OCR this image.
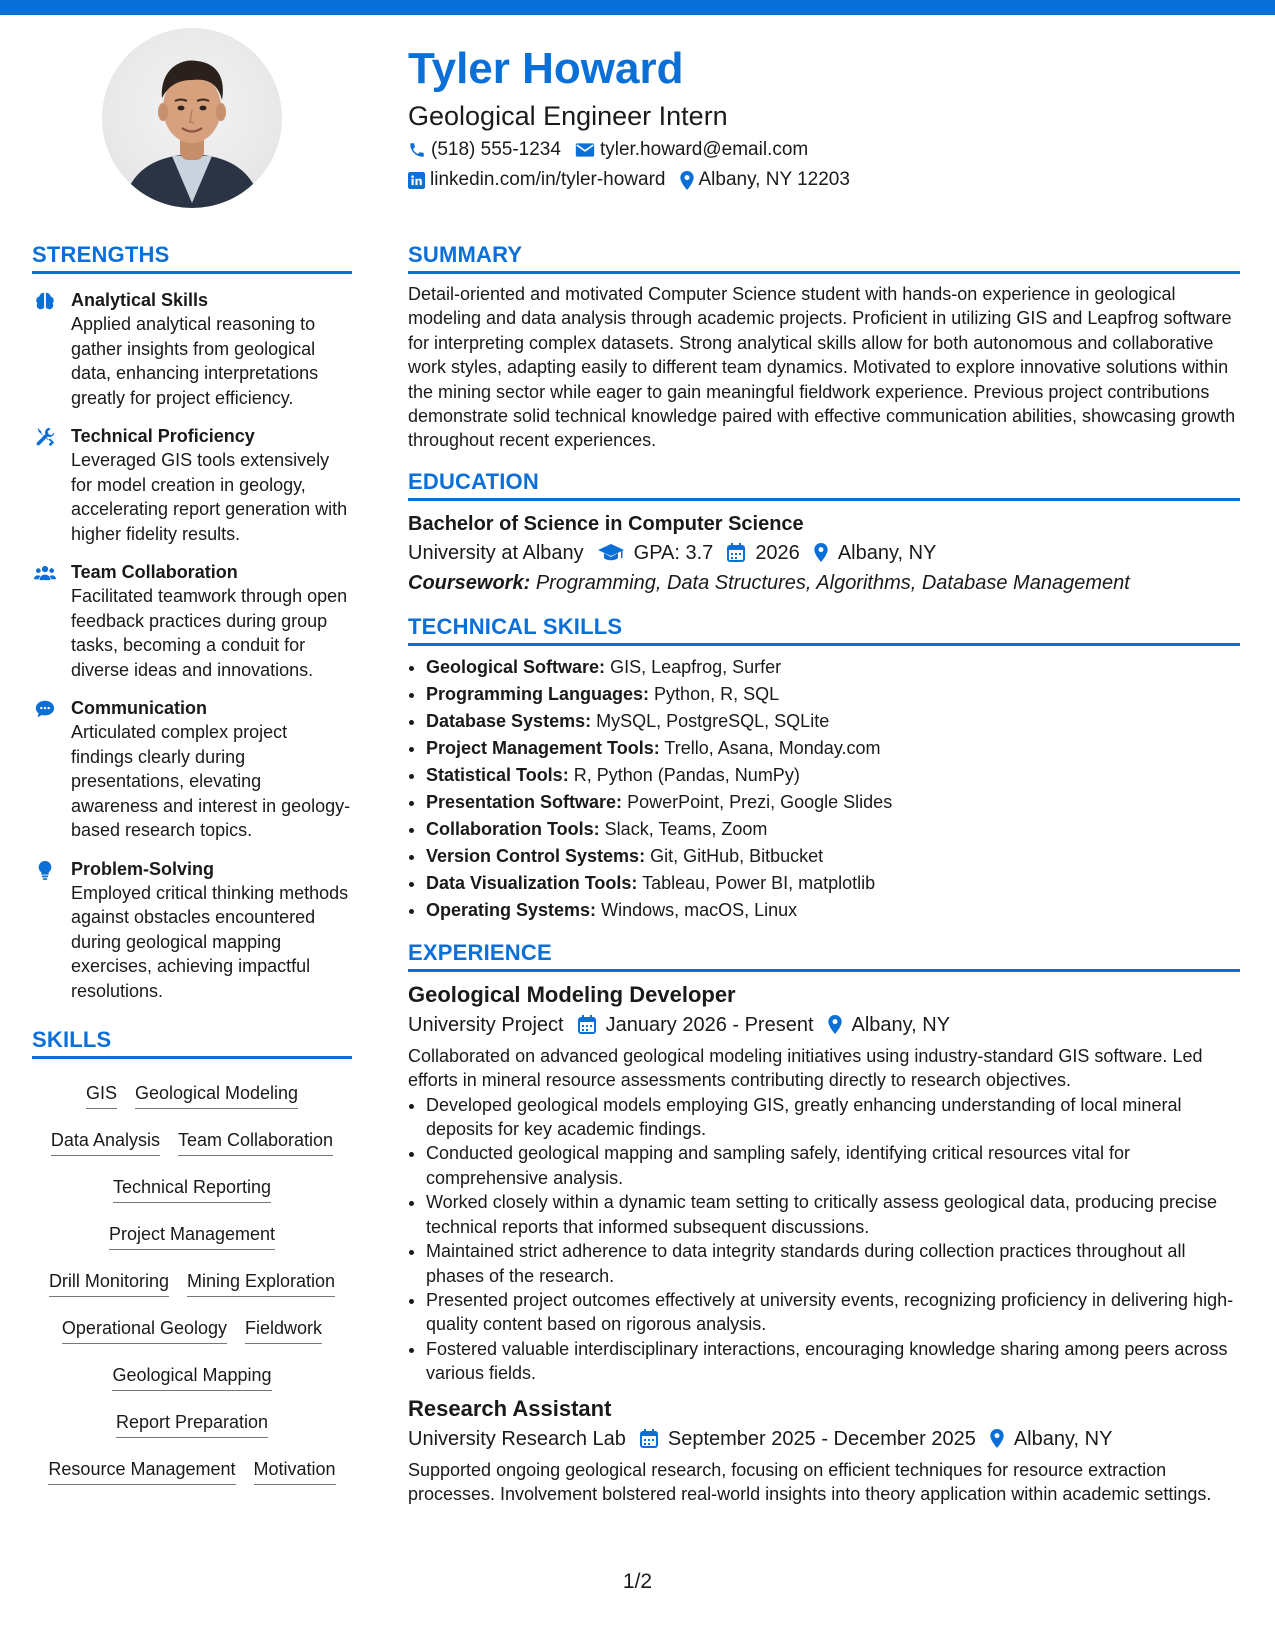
Tyler Howard
Geological Engineer Intern
(518) 555-1234 tyler.howard@email.com
linkedin.com/in/tyler-howard Albany, NY 12203
STRENGTHS
Analytical Skills
Applied analytical reasoning to gather insights from geological data, enhancing interpretations greatly for project efficiency.
Technical Proficiency
Leveraged GIS tools extensively for model creation in geology, accelerating report generation with higher fidelity results.
Team Collaboration
Facilitated teamwork through open feedback practices during group tasks, becoming a conduit for diverse ideas and innovations.
Communication
Articulated complex project findings clearly during presentations, elevating awareness and interest in geology-based research topics.
Problem-Solving
Employed critical thinking methods against obstacles encountered during geological mapping exercises, achieving impactful resolutions.
SKILLS
GIS Geological Modeling
Data Analysis Team Collaboration
Technical Reporting
Project Management
Drill Monitoring Mining Exploration
Operational Geology Fieldwork
Geological Mapping
Report Preparation
Resource Management Motivation
SUMMARY
Detail-oriented and motivated Computer Science student with hands-on experience in geological modeling and data analysis through academic projects. Proficient in utilizing GIS and Leapfrog software for interpreting complex datasets. Strong analytical skills allow for both autonomous and collaborative work styles, adapting easily to different team dynamics. Motivated to explore innovative solutions within the mining sector while eager to gain meaningful fieldwork experience. Previous project contributions demonstrate solid technical knowledge paired with effective communication abilities, showcasing growth throughout recent experiences.
EDUCATION
Bachelor of Science in Computer Science
University at Albany	GPA: 3.7 2026 Albany, NY
Coursework: Programming, Data Structures, Algorithms, Database Management
TECHNICAL SKILLS
• Geological Software: GIS, Leapfrog, Surfer
• Programming Languages: Python, R, SQL
• Database Systems: MySQL, PostgreSQL, SQLite
• Project Management Tools: Trello, Asana, Monday.com
• Statistical Tools: R, Python (Pandas, NumPy)
• Presentation Software: PowerPoint, Prezi, Google Slides
• Collaboration Tools: Slack, Teams, Zoom
• Version Control Systems: Git, GitHub, Bitbucket
• Data Visualization Tools: Tableau, Power BI, matplotlib
• Operating Systems: Windows, macOS, Linux
EXPERIENCE
Geological Modeling Developer
University Project January 2026 - Present Albany, NY
Collaborated on advanced geological modeling initiatives using industry-standard GIS software. Led efforts in mineral resource assessments contributing directly to research objectives.
• Developed geological models employing GIS, greatly enhancing understanding of local mineral deposits for key academic findings.
• Conducted geological mapping and sampling safely, identifying critical resources vital for comprehensive analysis.
• Worked closely within a dynamic team setting to critically assess geological data, producing precise technical reports that informed subsequent discussions.
• Maintained strict adherence to data integrity standards during collection practices throughout all phases of the research.
• Presented project outcomes effectively at university events, recognizing proficiency in delivering high-quality content based on rigorous analysis.
• Fostered valuable interdisciplinary interactions, encouraging knowledge sharing among peers across various fields.
Research Assistant
University Research Lab September 2025 - December 2025 Albany, NY
Supported ongoing geological research, focusing on efficient techniques for resource extraction processes. Involvement bolstered real-world insights into theory application within academic settings.
1/2
